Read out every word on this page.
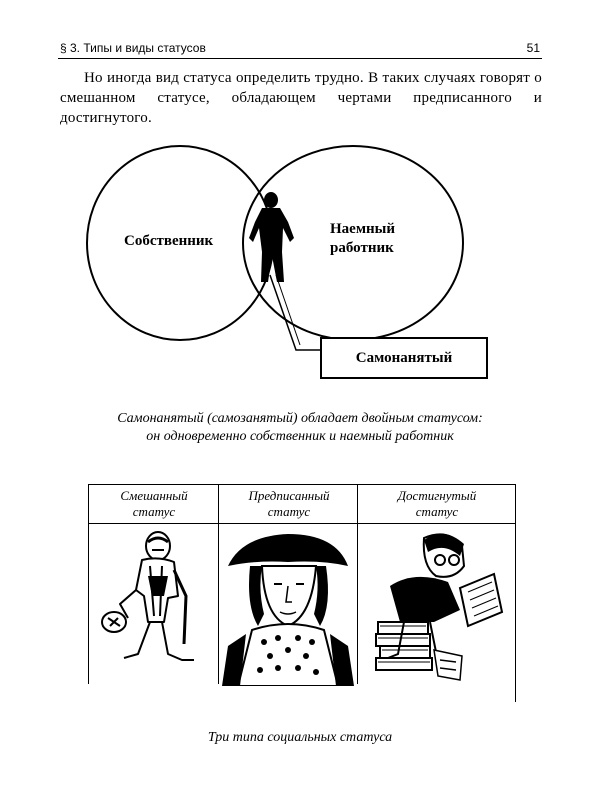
§ 3. Типы и виды статусов	51

Но иногда вид статуса определить трудно. В таких случаях говорят о смешанном статусе, обладающем чертами предписанного и достигнутого.

Собственник
Наемный
работник
Самонанятый
Самонанятый (самозанятый) обладает двойным статусом:
он одновременно собственник и наемный работник
Смешанный
статус
Предписанный
статус
Достигнутый
статус
Три типа социальных статуса
